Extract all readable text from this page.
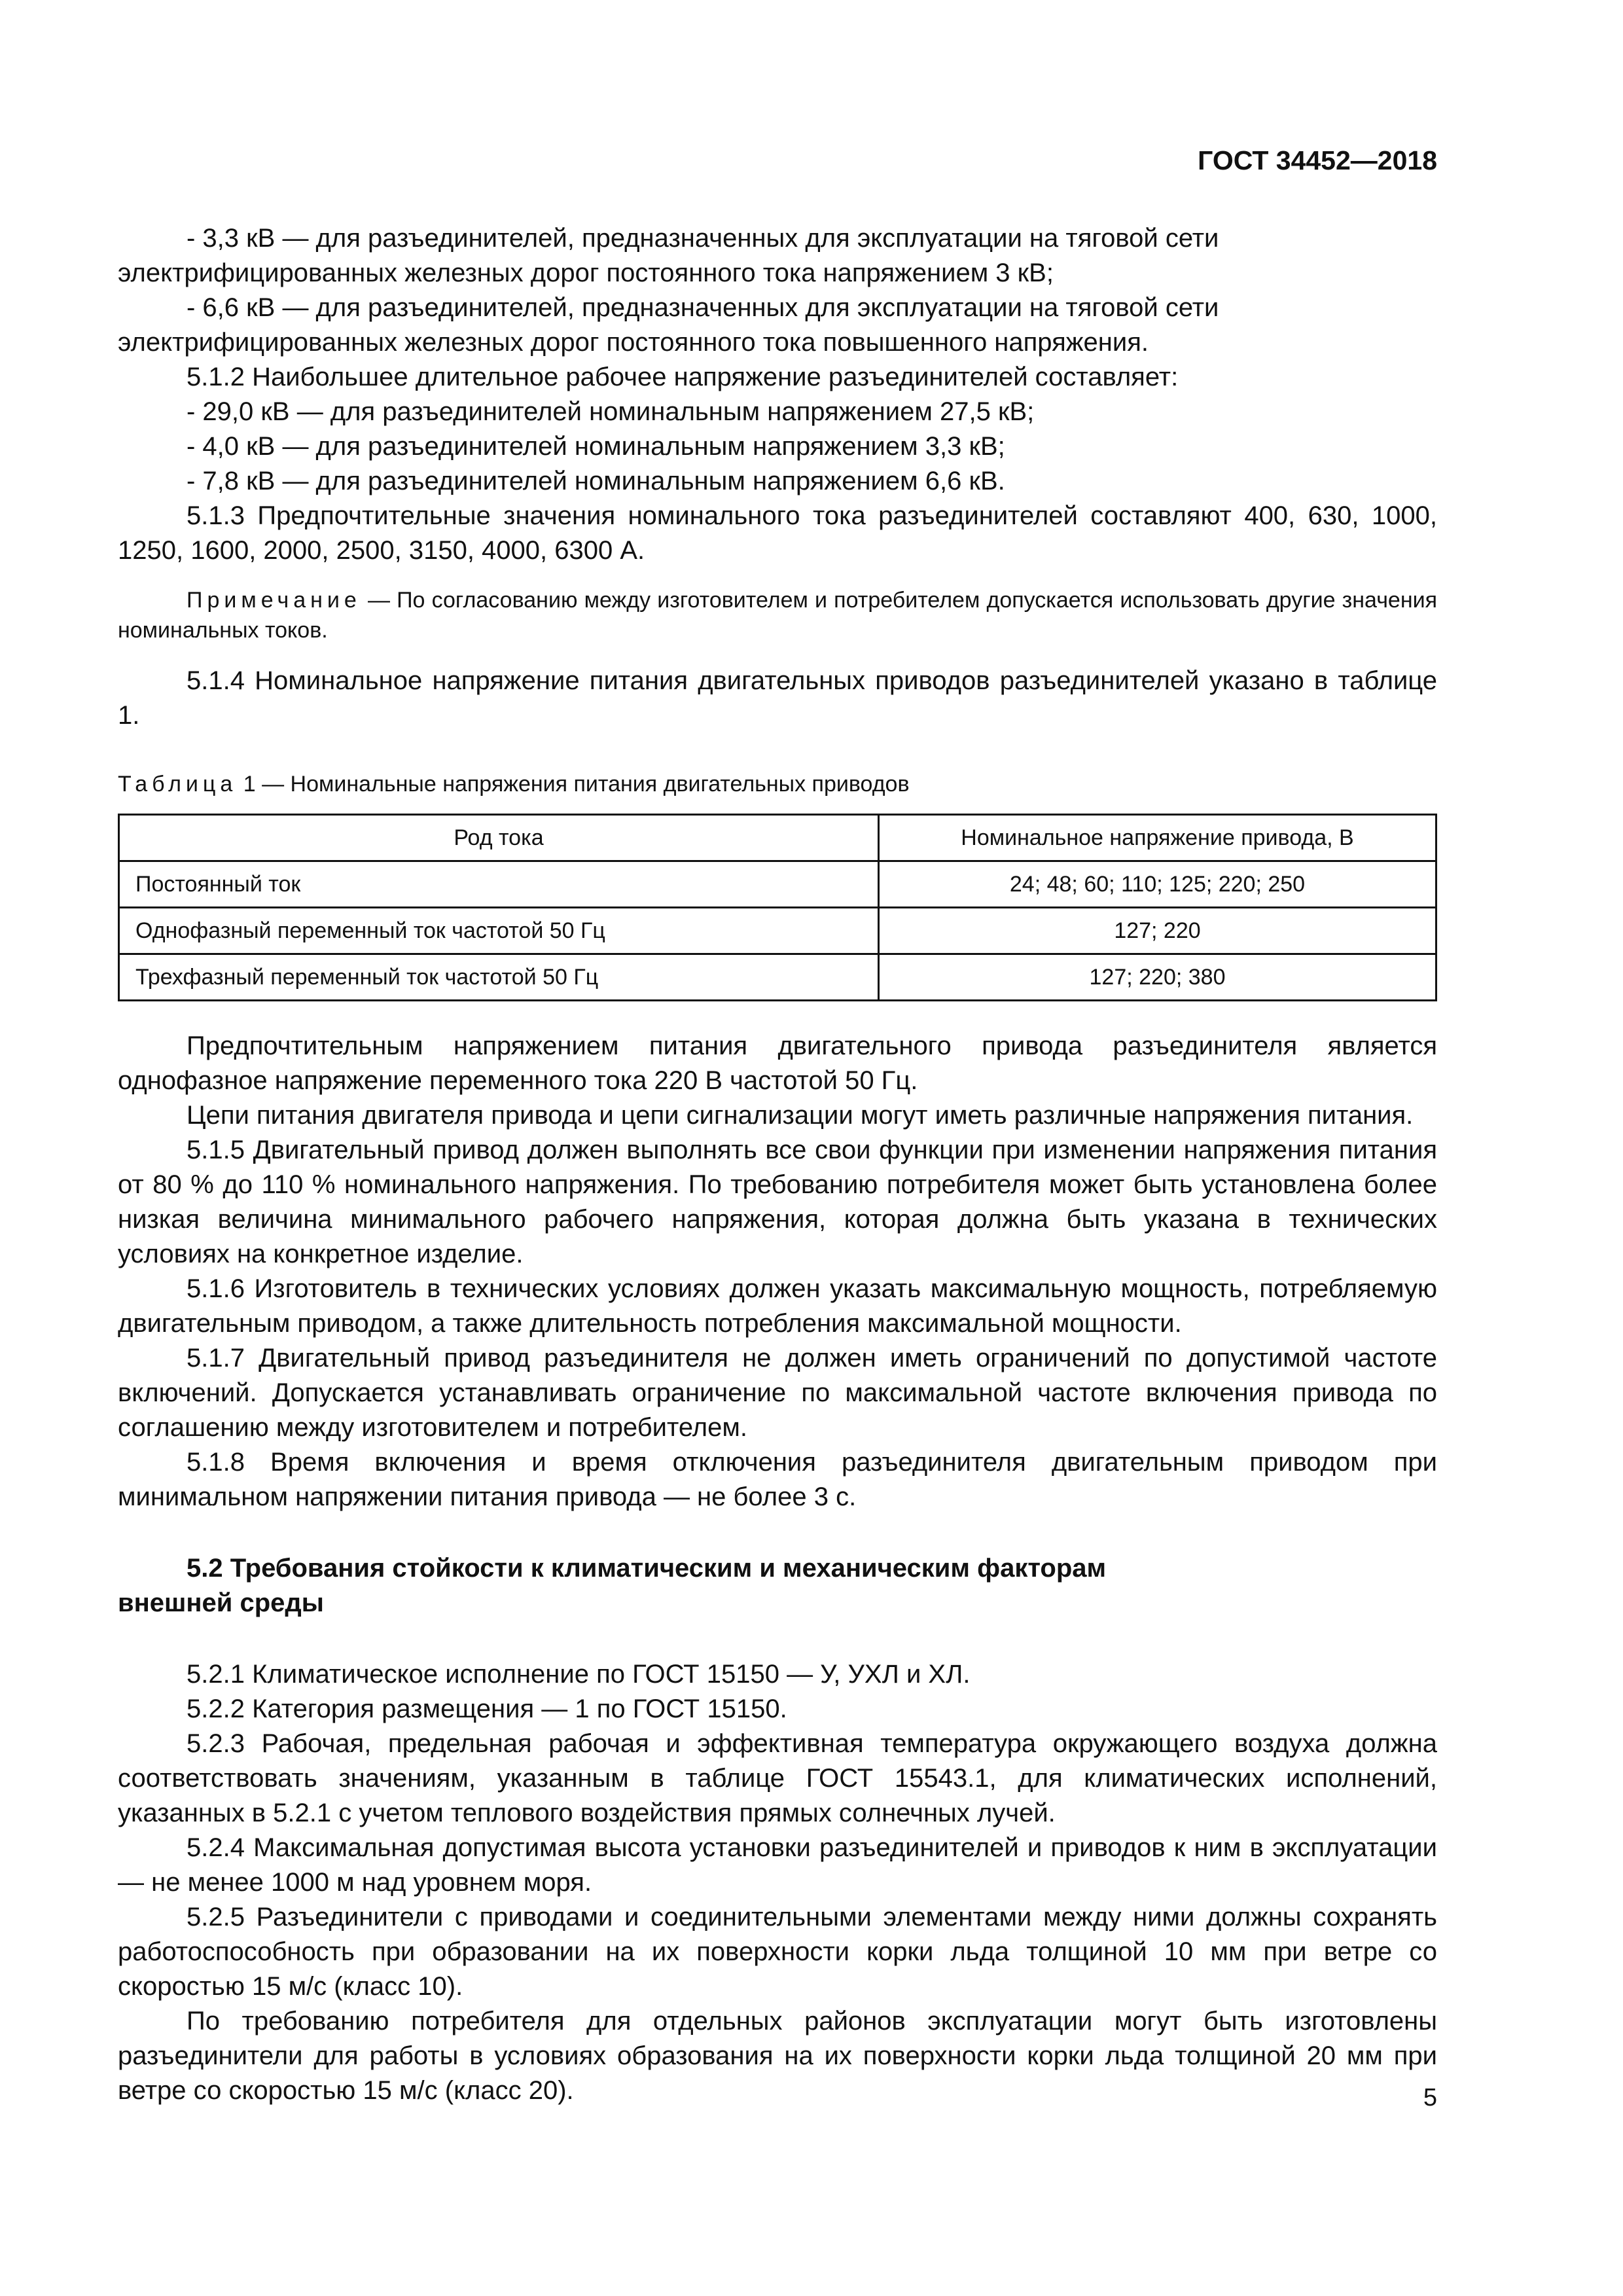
ГОСТ 34452—2018

- 3,3 кВ — для разъединителей, предназначенных для эксплуатации на тяговой сети электрифицированных железных дорог постоянного тока напряжением 3 кВ;

- 6,6 кВ — для разъединителей, предназначенных для эксплуатации на тяговой сети электрифицированных железных дорог постоянного тока повышенного напряжения.

5.1.2 Наибольшее длительное рабочее напряжение разъединителей составляет:

- 29,0 кВ — для разъединителей номинальным напряжением 27,5 кВ;

- 4,0 кВ — для разъединителей номинальным напряжением 3,3 кВ;

- 7,8 кВ — для разъединителей номинальным напряжением 6,6 кВ.

5.1.3 Предпочтительные значения номинального тока разъединителей составляют 400, 630, 1000, 1250, 1600, 2000, 2500, 3150, 4000, 6300 А.

Примечание — По согласованию между изготовителем и потребителем допускается использовать другие значения номинальных токов.

5.1.4 Номинальное напряжение питания двигательных приводов разъединителей указано в таблице 1.

Таблица 1 — Номинальные напряжения питания двигательных приводов

Род тока	Номинальное напряжение привода, В
Постоянный ток	24; 48; 60; 110; 125; 220; 250
Однофазный переменный ток частотой 50 Гц	127; 220
Трехфазный переменный ток частотой 50 Гц	127; 220; 380

Предпочтительным напряжением питания двигательного привода разъединителя является однофазное напряжение переменного тока 220 В частотой 50 Гц.

Цепи питания двигателя привода и цепи сигнализации могут иметь различные напряжения питания.

5.1.5 Двигательный привод должен выполнять все свои функции при изменении напряжения питания от 80 % до 110 % номинального напряжения. По требованию потребителя может быть установлена более низкая величина минимального рабочего напряжения, которая должна быть указана в технических условиях на конкретное изделие.

5.1.6 Изготовитель в технических условиях должен указать максимальную мощность, потребляемую двигательным приводом, а также длительность потребления максимальной мощности.

5.1.7 Двигательный привод разъединителя не должен иметь ограничений по допустимой частоте включений. Допускается устанавливать ограничение по максимальной частоте включения привода по соглашению между изготовителем и потребителем.

5.1.8 Время включения и время отключения разъединителя двигательным приводом при минимальном напряжении питания привода — не более 3 с.

5.2 Требования стойкости к климатическим и механическим факторам
внешней среды

5.2.1 Климатическое исполнение по ГОСТ 15150 — У, УХЛ и ХЛ.

5.2.2 Категория размещения — 1 по ГОСТ 15150.

5.2.3 Рабочая, предельная рабочая и эффективная температура окружающего воздуха должна соответствовать значениям, указанным в таблице ГОСТ 15543.1, для климатических исполнений, указанных в 5.2.1 с учетом теплового воздействия прямых солнечных лучей.

5.2.4 Максимальная допустимая высота установки разъединителей и приводов к ним в эксплуатации — не менее 1000 м над уровнем моря.

5.2.5 Разъединители с приводами и соединительными элементами между ними должны сохранять работоспособность при образовании на их поверхности корки льда толщиной 10 мм при ветре со скоростью 15 м/с (класс 10).

По требованию потребителя для отдельных районов эксплуатации могут быть изготовлены разъединители для работы в условиях образования на их поверхности корки льда толщиной 20 мм при ветре со скоростью 15 м/с (класс 20).	5
